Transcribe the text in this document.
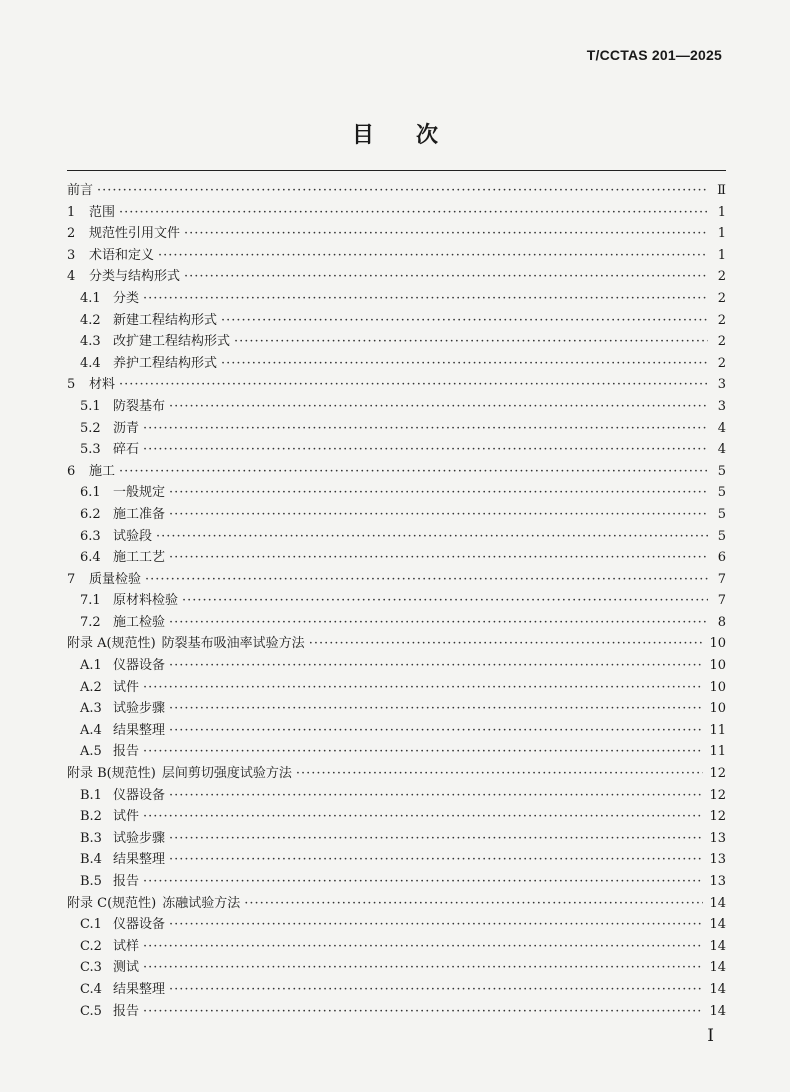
T/CCTAS 201—2025
目 次
前言 ·····	Ⅱ
1	范围 ·····	1
2	规范性引用文件 ·····	1
3	术语和定义 ·····	1
4	分类与结构形式 ·····	2
4.1 分类 ·····	2
4.2 新建工程结构形式 ·····	2
4.3 改扩建工程结构形式 ·····	2
4.4 养护工程结构形式 ·····	2
5	材料 ·····	3
5.1 防裂基布 ·····	3
5.2 沥青 ·····	4
5.3 碎石 ·····	4
6	施工 ·····	5
6.1 一般规定 ·····	5
6.2 施工准备 ·····	5
6.3 试验段 ·····	5
6.4 施工工艺 ·····	6
7	质量检验 ·····	7
7.1 原材料检验 ·····	7
7.2 施工检验 ·····	8
附录 A(规范性) 防裂基布吸油率试验方法 ·····	10
A.1 仪器设备 ·····	10
A.2 试件 ·····	10
A.3 试验步骤 ·····	10
A.4 结果整理 ·····	11
A.5 报告 ·····	11
附录 B(规范性) 层间剪切强度试验方法 ·····	12
B.1 仪器设备 ·····	12
B.2 试件 ·····	12
B.3 试验步骤 ·····	13
B.4 结果整理 ·····	13
B.5 报告 ·····	13
附录 C(规范性) 冻融试验方法 ·····	14
C.1 仪器设备 ·····	14
C.2 试样 ·····	14
C.3 测试 ·····	14
C.4 结果整理 ·····	14
C.5 报告 ·····	14
I
